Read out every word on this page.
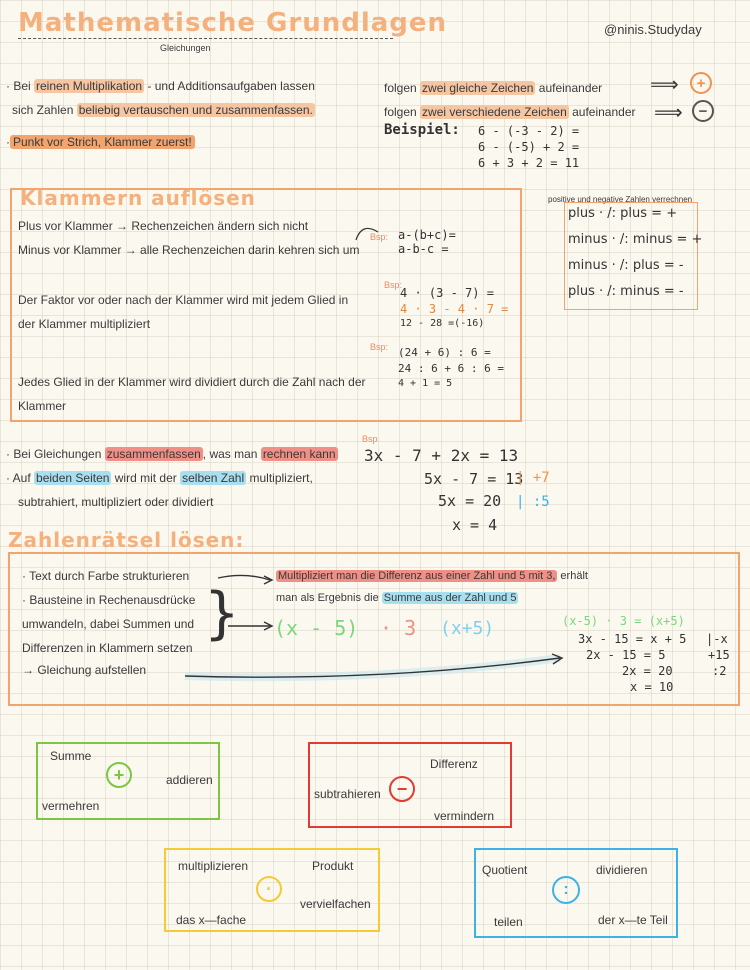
Mathematische Grundlagen
Gleichungen
@ninis.Studyday
· Bei reinen Multiplikation - und Additionsaufgaben lassen
sich Zahlen beliebig vertauschen und zusammenfassen.
· Punkt vor Strich, Klammer zuerst!
folgen zwei gleiche Zeichen aufeinander
folgen zwei verschiedene Zeichen aufeinander
⟹
⟹
+
−
Beispiel: 6 - (-3 - 2) =
6 - (-5) + 2 =
6 + 3 + 2 = 11
Klammern auflösen
Plus vor Klammer → Rechenzeichen ändern sich nicht
Minus vor Klammer → alle Rechenzeichen darin kehren sich um
Bsp: a-(b+c)=
a-b-c =
Der Faktor vor oder nach der Klammer wird mit jedem Glied in
der Klammer multipliziert
Bsp:
4 · (3 - 7) =
4 · 3 - 4 · 7 =
12 - 28 =(-16)
Bsp: (24 + 6) : 6 =
24 : 6 + 6 : 6 =
4 + 1 = 5
Jedes Glied in der Klammer wird dividiert durch die Zahl nach der
Klammer
positive und negative Zahlen verrechnen
plus · /: plus = +
minus · /: minus = +
minus · /: plus = -
plus · /: minus = -
· Bei Gleichungen zusammenfassen , was man rechnen kann
· Auf beiden Seiten wird mit der selben Zahl multipliziert,
subtrahiert, multipliziert oder dividiert
Bsp
3x - 7 + 2x = 13
5x - 7 = 13
| +7
5x = 20 | :5
x = 4
Zahlenrätsel lösen:
· Text durch Farbe strukturieren
· Bausteine in Rechenausdrücke
umwandeln, dabei Summen und
Differenzen in Klammern setzen
→ Gleichung aufstellen
}
Multipliziert man die Differenz aus einer Zahl und 5 mit 3, erhält
man als Ergebnis die Summe aus der Zahl und 5
(x - 5) · 3 (x+5)	(x-5) · 3 = (x+5)
3x - 15 = x + 5 |-x
2x - 15 = 5	+15
2x = 20	:2
x = 10
Summe
addieren
vermehren
+
Differenz
subtrahieren
vermindern
−
multiplizieren	Produkt
vervielfachen
das x—fache
·
Quotient	dividieren
teilen	der x—te Teil
:
